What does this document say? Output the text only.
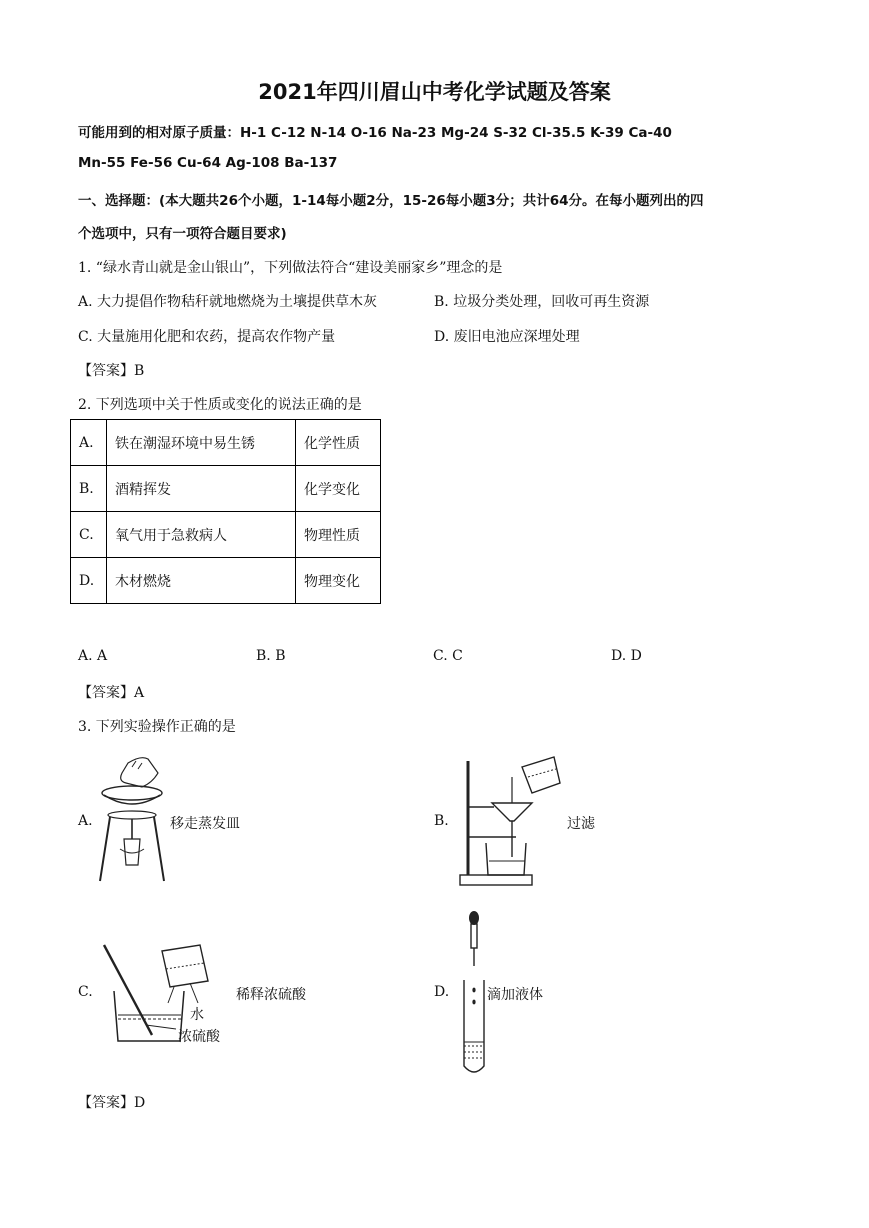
2021年四川眉山中考化学试题及答案
可能用到的相对原子质量：H-1 C-12 N-14 O-16 Na-23 Mg-24 S-32 Cl-35.5 K-39 Ca-40
Mn-55 Fe-56 Cu-64 Ag-108 Ba-137
一、选择题：(本大题共26个小题，1-14每小题2分，15-26每小题3分；共计64分。在每小题列出的四
个选项中，只有一项符合题目要求)
1. “绿水青山就是金山银山”，下列做法符合“建设美丽家乡”理念的是
A. 大力提倡作物秸秆就地燃烧为土壤提供草木灰	B. 垃圾分类处理，回收可再生资源
C. 大量施用化肥和农药，提高农作物产量	D. 废旧电池应深埋处理
【答案】B
2. 下列选项中关于性质或变化的说法正确的是
A.	铁在潮湿环境中易生锈	化学性质
B.	酒精挥发	化学变化
C.	氧气用于急救病人	物理性质
D.	木材燃烧	物理变化
A. A	B. B	C. C	D. D
【答案】A
3. 下列实验操作正确的是
A.	移走蒸发皿	B.	过滤
C.	稀释浓硫酸
水
浓硫酸
D.	滴加液体
【答案】D
